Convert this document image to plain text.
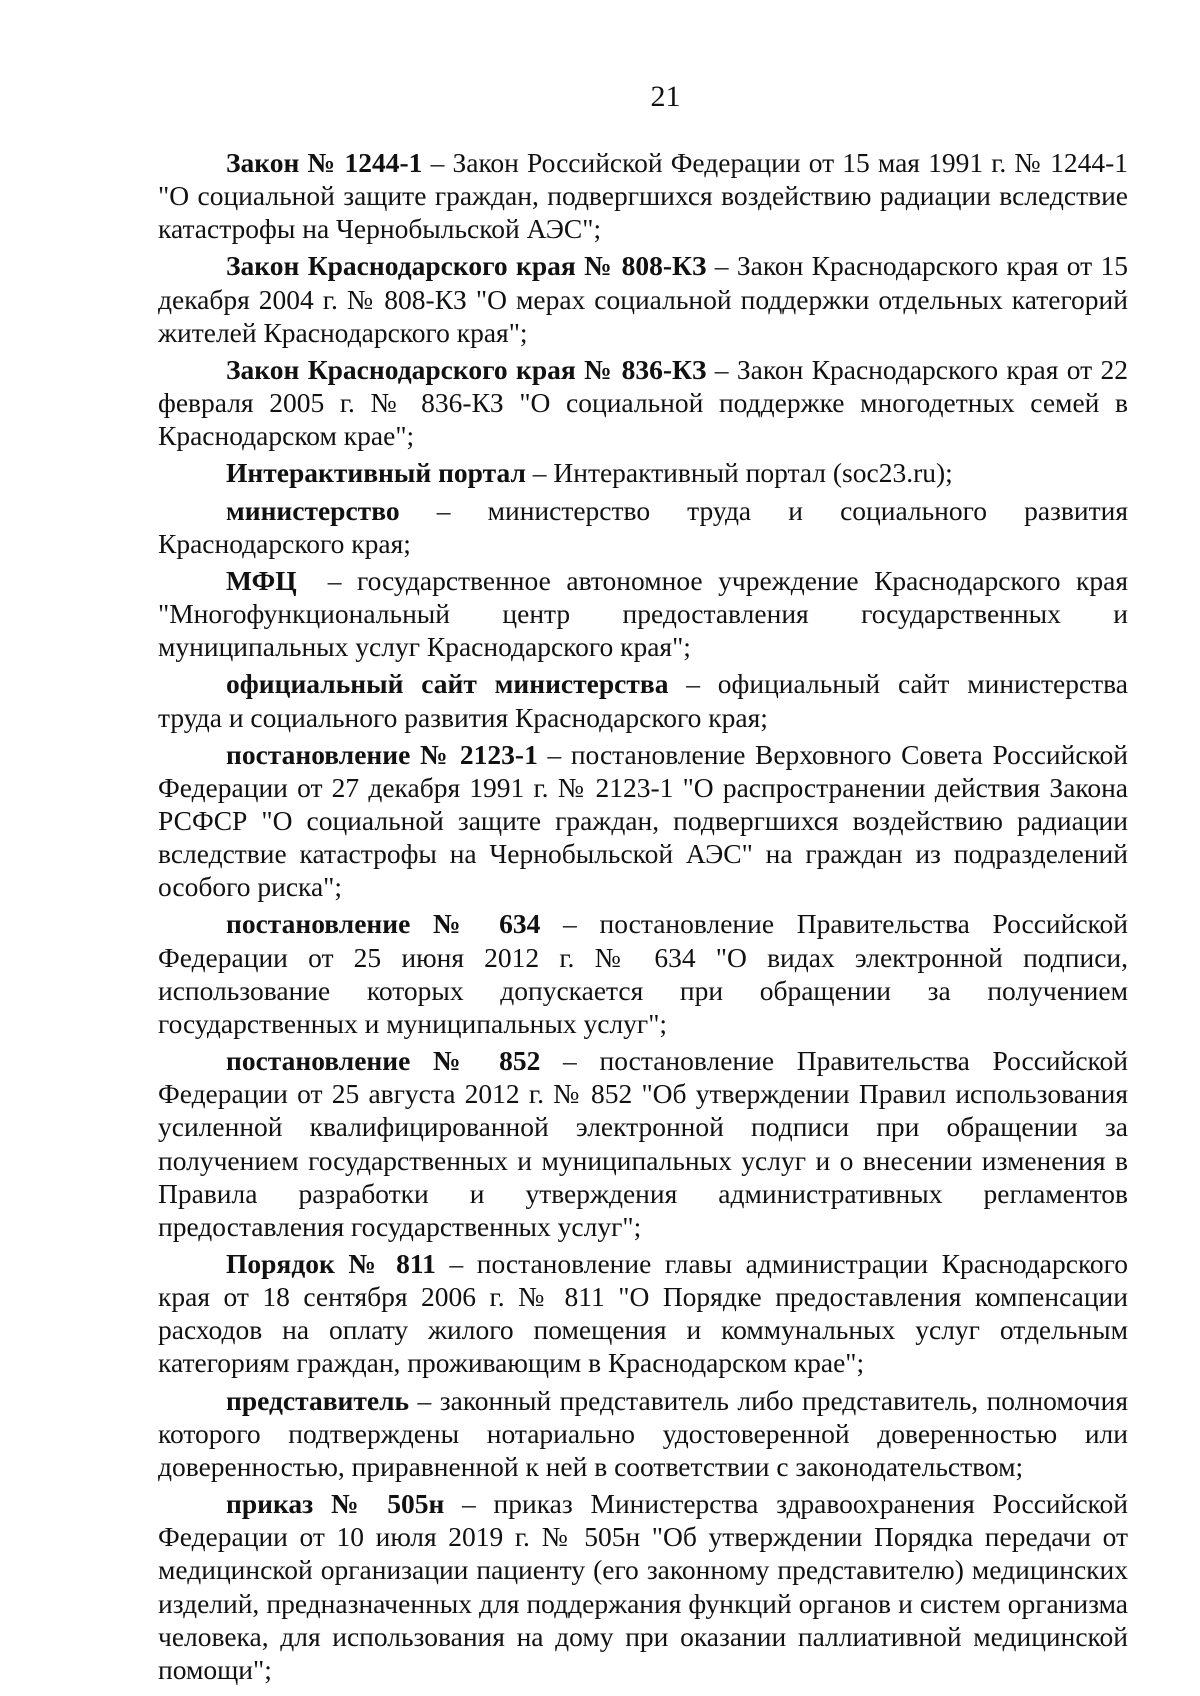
21

Закон № 1244-1 – Закон Российской Федерации от 15 мая 1991 г. № 1244-1 "О социальной защите граждан, подвергшихся воздействию радиации вследствие катастрофы на Чернобыльской АЭС";

Закон Краснодарского края № 808-КЗ – Закон Краснодарского края от 15 декабря 2004 г. № 808-КЗ "О мерах социальной поддержки отдельных категорий жителей Краснодарского края";

Закон Краснодарского края № 836-КЗ – Закон Краснодарского края от 22 февраля 2005 г. № 836-КЗ "О социальной поддержке многодетных семей в Краснодарском крае";

Интерактивный портал – Интерактивный портал (soc23.ru);

министерство – министерство труда и социального развития Краснодарского края;

МФЦ  – государственное автономное учреждение Краснодарского края "Многофункциональный центр предоставления государственных и муниципальных услуг Краснодарского края";

официальный сайт министерства – официальный сайт министерства труда и социального развития Краснодарского края;

постановление № 2123-1 – постановление Верховного Совета Российской Федерации от 27 декабря 1991 г. № 2123-1 "О распространении действия Закона РСФСР "О социальной защите граждан, подвергшихся воздействию радиации вследствие катастрофы на Чернобыльской АЭС" на граждан из подразделений особого риска";

постановление № 634 – постановление Правительства Российской Федерации от 25 июня 2012 г. № 634 "О видах электронной подписи, использование которых допускается при обращении за получением государственных и муниципальных услуг";

постановление № 852 – постановление Правительства Российской Федерации от 25 августа 2012 г. № 852 "Об утверждении Правил использования усиленной квалифицированной электронной подписи при обращении за получением государственных и муниципальных услуг и о внесении изменения в Правила разработки и утверждения административных регламентов предоставления государственных услуг";

Порядок № 811 – постановление главы администрации Краснодарского края от 18 сентября 2006 г. № 811 "О Порядке предоставления компенсации расходов на оплату жилого помещения и коммунальных услуг отдельным категориям граждан, проживающим в Краснодарском крае";

представитель – законный представитель либо представитель, полномочия которого подтверждены нотариально удостоверенной доверенностью или доверенностью, приравненной к ней в соответствии с законодательством;

приказ № 505н – приказ Министерства здравоохранения Российской Федерации от 10 июля 2019 г. № 505н "Об утверждении Порядка передачи от медицинской организации пациенту (его законному представителю) медицинских изделий, предназначенных для поддержания функций органов и систем организма человека, для использования на дому при оказании паллиативной медицинской помощи";
